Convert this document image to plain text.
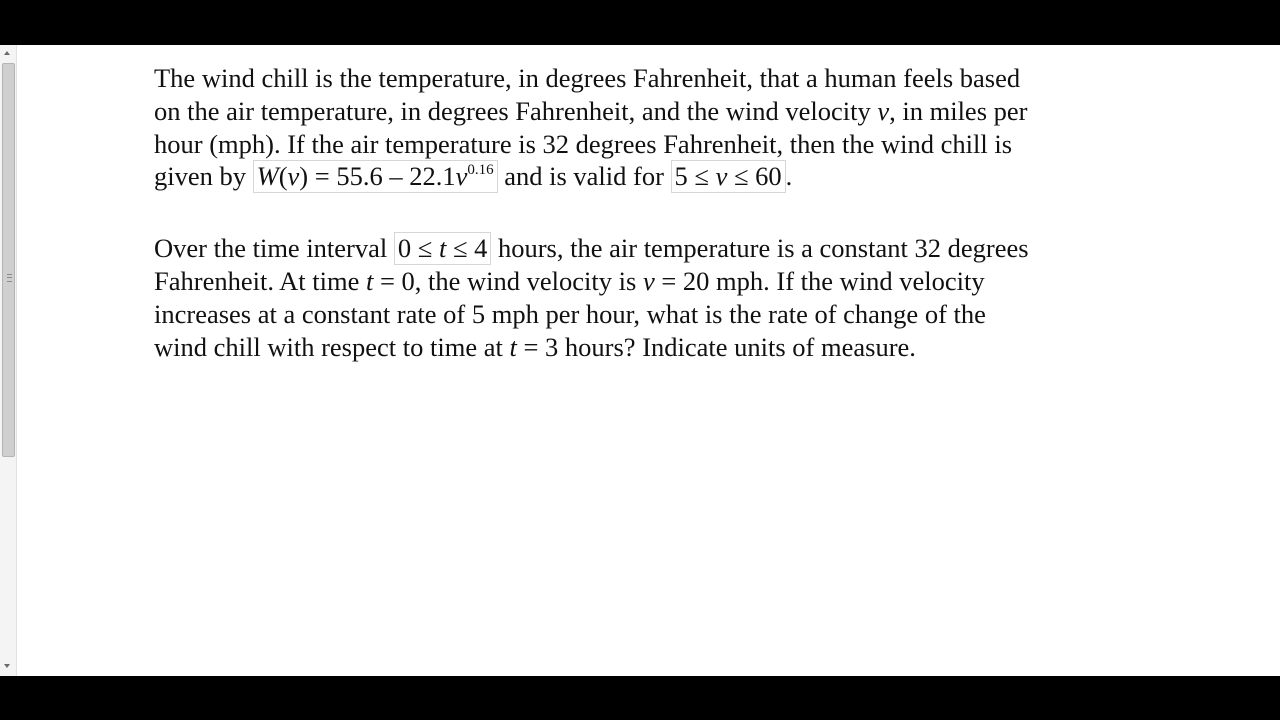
The wind chill is the temperature, in degrees Fahrenheit, that a human feels based
on the air temperature, in degrees Fahrenheit, and the wind velocity v, in miles per
hour (mph). If the air temperature is 32 degrees Fahrenheit, then the wind chill is
given by $W(v) = 55.6 - 22.1v^{0.16}$ and is valid for 5 ≤ v ≤ 60 .

Over the time interval 0 ≤ t ≤ 4 hours, the air temperature is a constant 32 degrees
Fahrenheit. At time t = 0, the wind velocity is v = 20 mph. If the wind velocity
increases at a constant rate of 5 mph per hour, what is the rate of change of the
wind chill with respect to time at t = 3 hours? Indicate units of measure.
